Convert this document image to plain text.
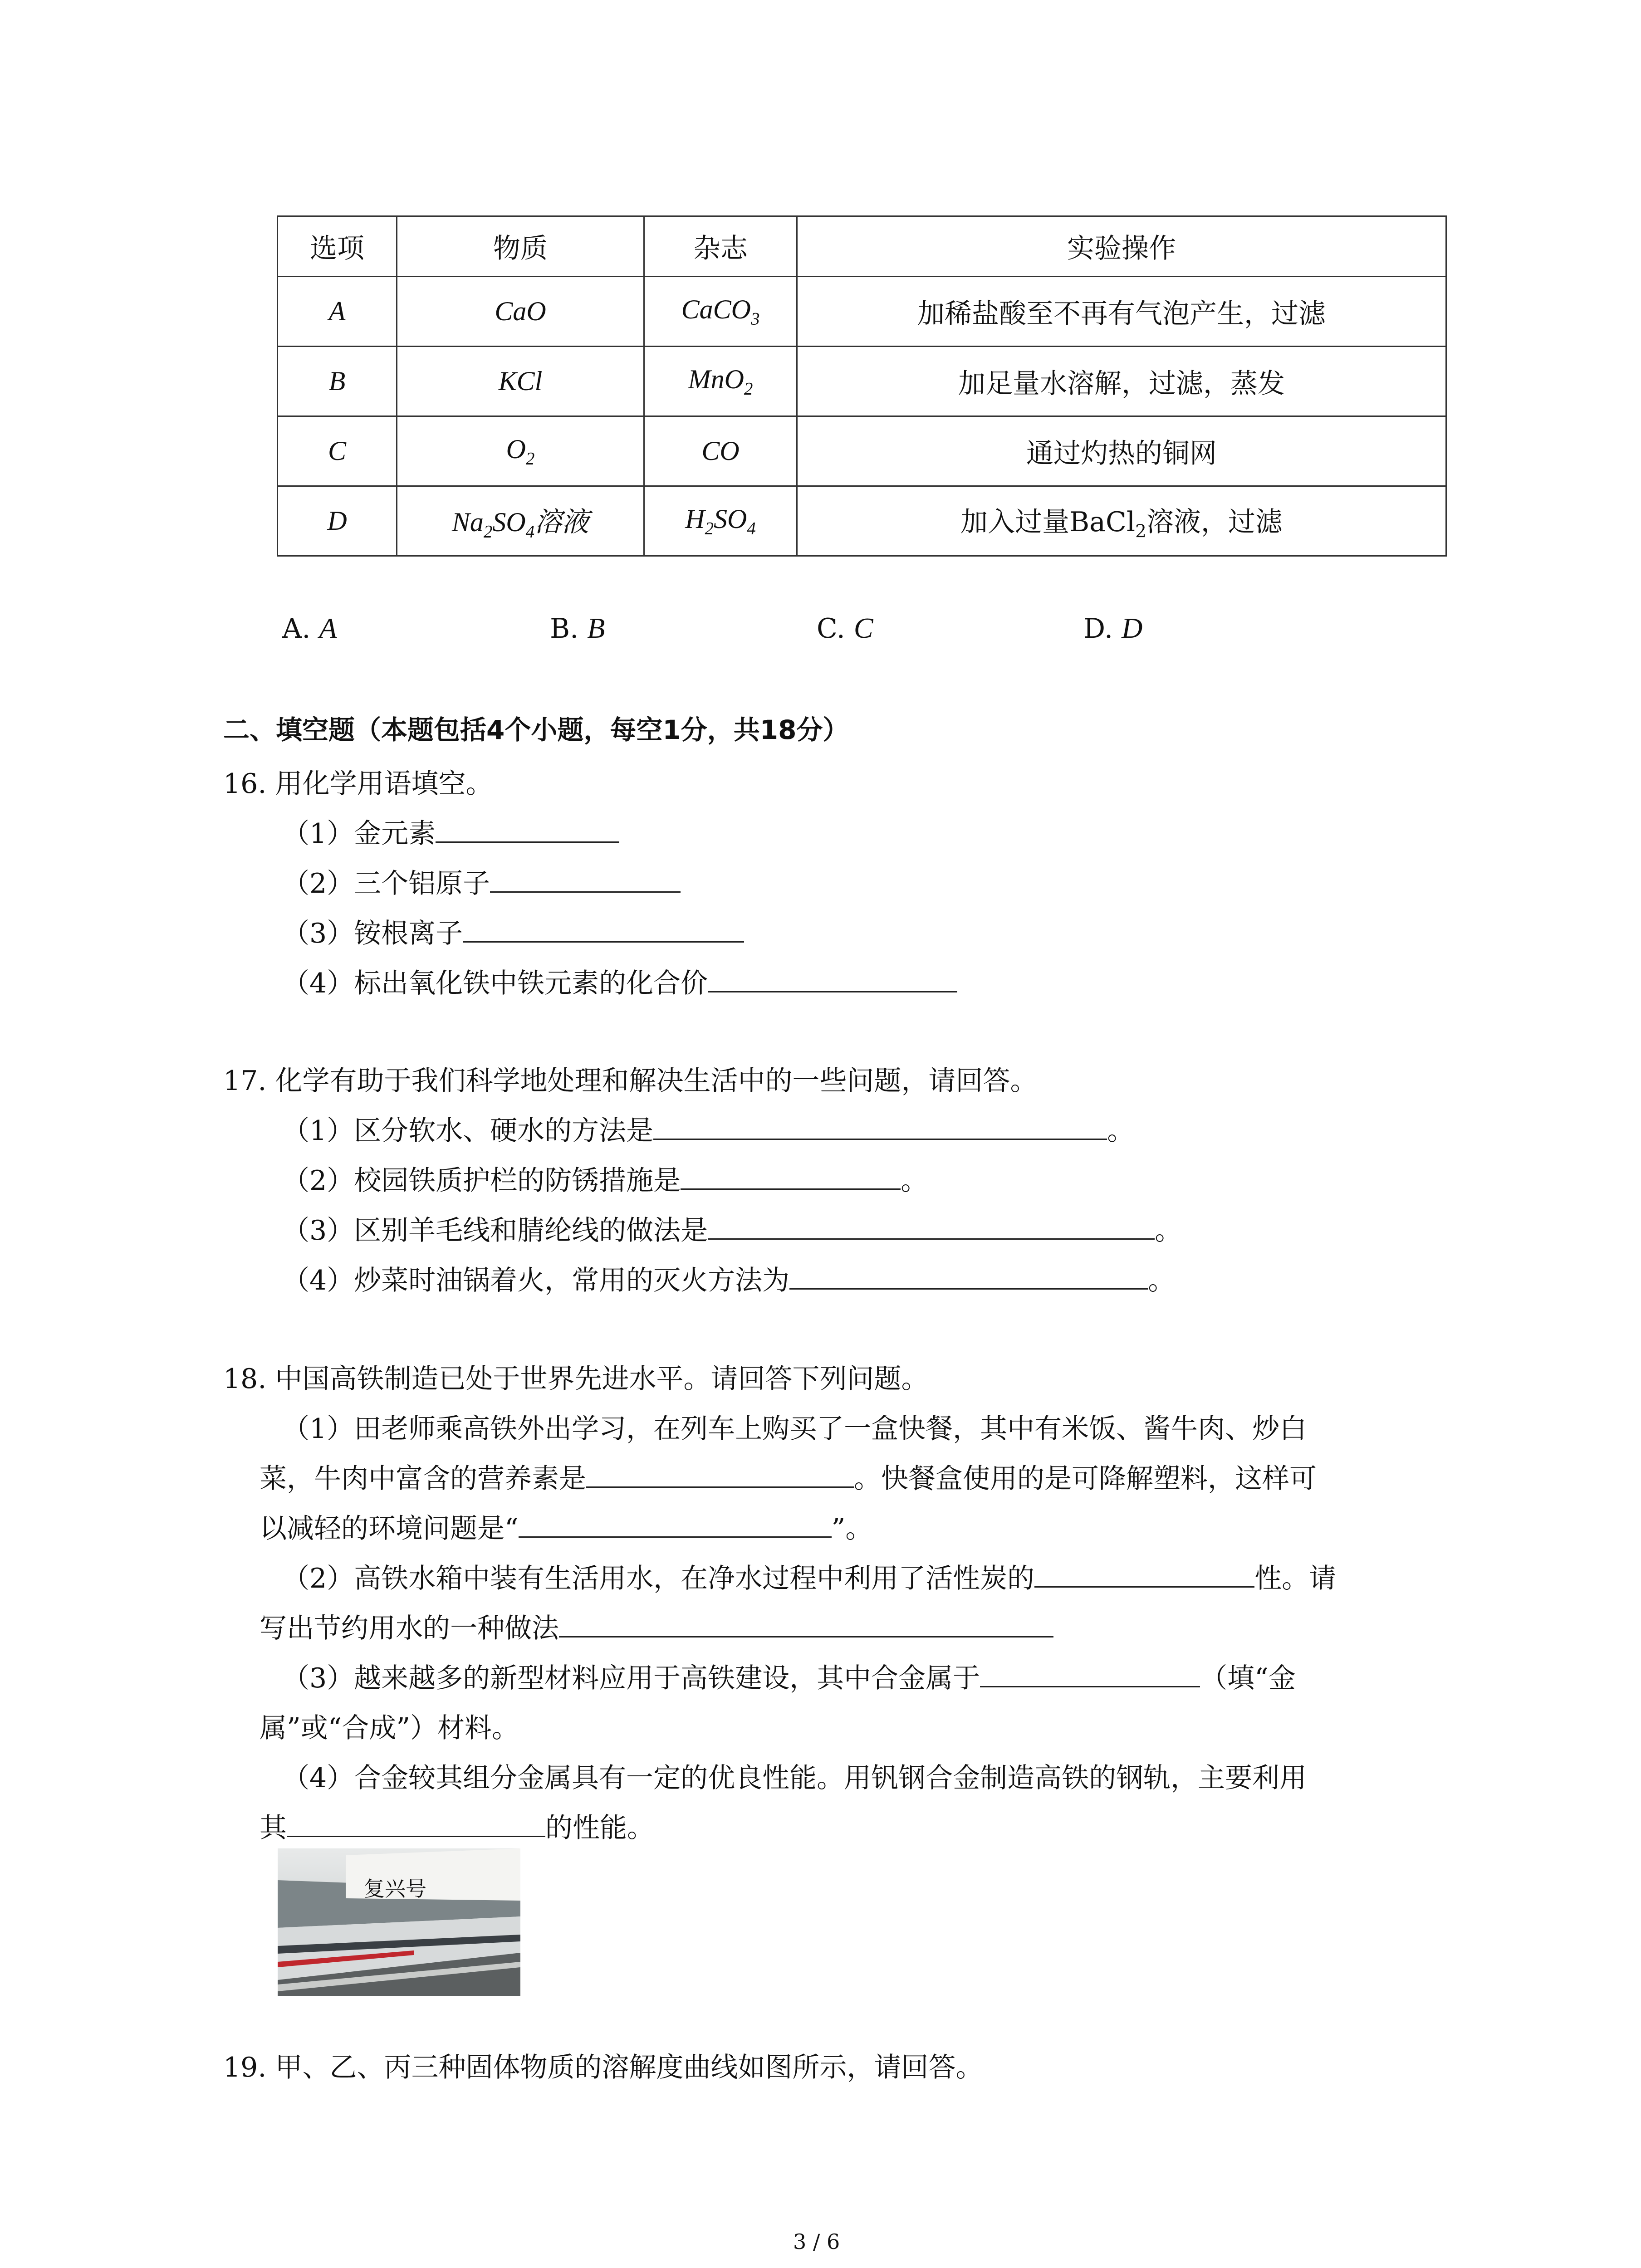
选项	物质	杂志	实验操作
A	CaO	CaCO$_3$	加稀盐酸至不再有气泡产生，过滤
B	KCl	MnO$_2$	加足量水溶解，过滤，蒸发
C	$O_2$	CO	通过灼热的铜网
D	$Na_2SO_4$溶液	$H_2SO_4$	加入过量BaCl$_2$溶液，过滤
A. A	B. B	C. C	D. D
二、填空题（本题包括4个小题，每空1分，共18分）
16. 用化学用语填空。
（1）金元素
（2）三个铝原子
（3）铵根离子
（4）标出氧化铁中铁元素的化合价
17. 化学有助于我们科学地处理和解决生活中的一些问题，请回答。
（1）区分软水、硬水的方法是	。
（2）校园铁质护栏的防锈措施是	。
（3）区别羊毛线和腈纶线的做法是	。
（4）炒菜时油锅着火，常用的灭火方法为	。
18. 中国高铁制造已处于世界先进水平。请回答下列问题。
（1）田老师乘高铁外出学习，在列车上购买了一盒快餐，其中有米饭、酱牛肉、炒白
菜，牛肉中富含的营养素是	。快餐盒使用的是可降解塑料，这样可
以减轻的环境问题是“	”。
（2）高铁水箱中装有生活用水，在净水过程中利用了活性炭的	性。请
写出节约用水的一种做法
（3）越来越多的新型材料应用于高铁建设，其中合金属于	（填“金
属”或“合成”）材料。
（4）合金较其组分金属具有一定的优良性能。用钒钢合金制造高铁的钢轨，主要利用
其	的性能。
复兴号
19. 甲、乙、丙三种固体物质的溶解度曲线如图所示，请回答。
3 / 6
